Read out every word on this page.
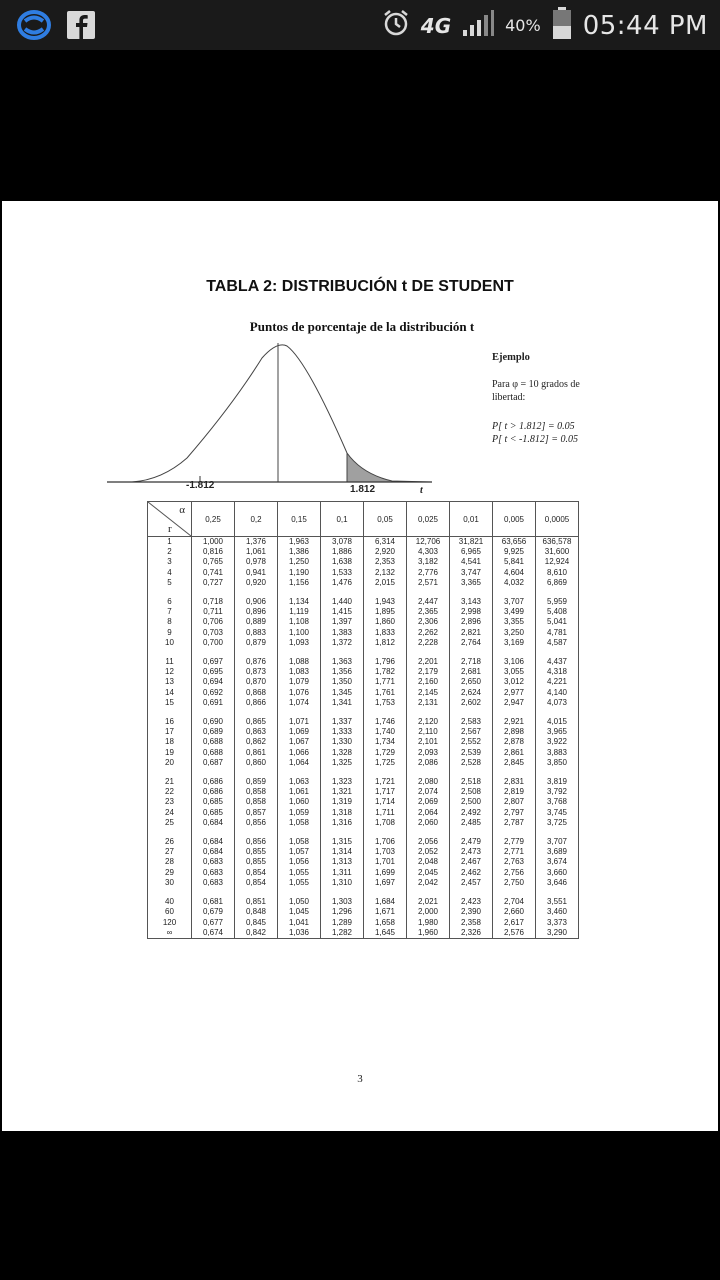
4G	40% 05:44 PM
TABLA 2: DISTRIBUCIÓN t DE STUDENT
Puntos de porcentaje de la distribución t
-1.812	1.812	t
Ejemplo
Para φ = 10 grados de libertad:
P[ t > 1.812] = 0.05
P[ t < -1.812] = 0.05
α
r	0,25	0,2	0,15	0,1	0,05	0,025	0,01	0,005	0,0005
1	1,000	1,376	1,963	3,078	6,314	12,706	31,821	63,656	636,578
2	0,816	1,061	1,386	1,886	2,920	4,303	6,965	9,925	31,600
3	0,765	0,978	1,250	1,638	2,353	3,182	4,541	5,841	12,924
4	0,741	0,941	1,190	1,533	2,132	2,776	3,747	4,604	8,610
5	0,727	0,920	1,156	1,476	2,015	2,571	3,365	4,032	6,869

6	0,718	0,906	1,134	1,440	1,943	2,447	3,143	3,707	5,959
7	0,711	0,896	1,119	1,415	1,895	2,365	2,998	3,499	5,408
8	0,706	0,889	1,108	1,397	1,860	2,306	2,896	3,355	5,041
9	0,703	0,883	1,100	1,383	1,833	2,262	2,821	3,250	4,781
10	0,700	0,879	1,093	1,372	1,812	2,228	2,764	3,169	4,587

11	0,697	0,876	1,088	1,363	1,796	2,201	2,718	3,106	4,437
12	0,695	0,873	1,083	1,356	1,782	2,179	2,681	3,055	4,318
13	0,694	0,870	1,079	1,350	1,771	2,160	2,650	3,012	4,221
14	0,692	0,868	1,076	1,345	1,761	2,145	2,624	2,977	4,140
15	0,691	0,866	1,074	1,341	1,753	2,131	2,602	2,947	4,073

16	0,690	0,865	1,071	1,337	1,746	2,120	2,583	2,921	4,015
17	0,689	0,863	1,069	1,333	1,740	2,110	2,567	2,898	3,965
18	0,688	0,862	1,067	1,330	1,734	2,101	2,552	2,878	3,922
19	0,688	0,861	1,066	1,328	1,729	2,093	2,539	2,861	3,883
20	0,687	0,860	1,064	1,325	1,725	2,086	2,528	2,845	3,850

21	0,686	0,859	1,063	1,323	1,721	2,080	2,518	2,831	3,819
22	0,686	0,858	1,061	1,321	1,717	2,074	2,508	2,819	3,792
23	0,685	0,858	1,060	1,319	1,714	2,069	2,500	2,807	3,768
24	0,685	0,857	1,059	1,318	1,711	2,064	2,492	2,797	3,745
25	0,684	0,856	1,058	1,316	1,708	2,060	2,485	2,787	3,725

26	0,684	0,856	1,058	1,315	1,706	2,056	2,479	2,779	3,707
27	0,684	0,855	1,057	1,314	1,703	2,052	2,473	2,771	3,689
28	0,683	0,855	1,056	1,313	1,701	2,048	2,467	2,763	3,674
29	0,683	0,854	1,055	1,311	1,699	2,045	2,462	2,756	3,660
30	0,683	0,854	1,055	1,310	1,697	2,042	2,457	2,750	3,646

40	0,681	0,851	1,050	1,303	1,684	2,021	2,423	2,704	3,551
60	0,679	0,848	1,045	1,296	1,671	2,000	2,390	2,660	3,460
120	0,677	0,845	1,041	1,289	1,658	1,980	2,358	2,617	3,373
∞	0,674	0,842	1,036	1,282	1,645	1,960	2,326	2,576	3,290
3
